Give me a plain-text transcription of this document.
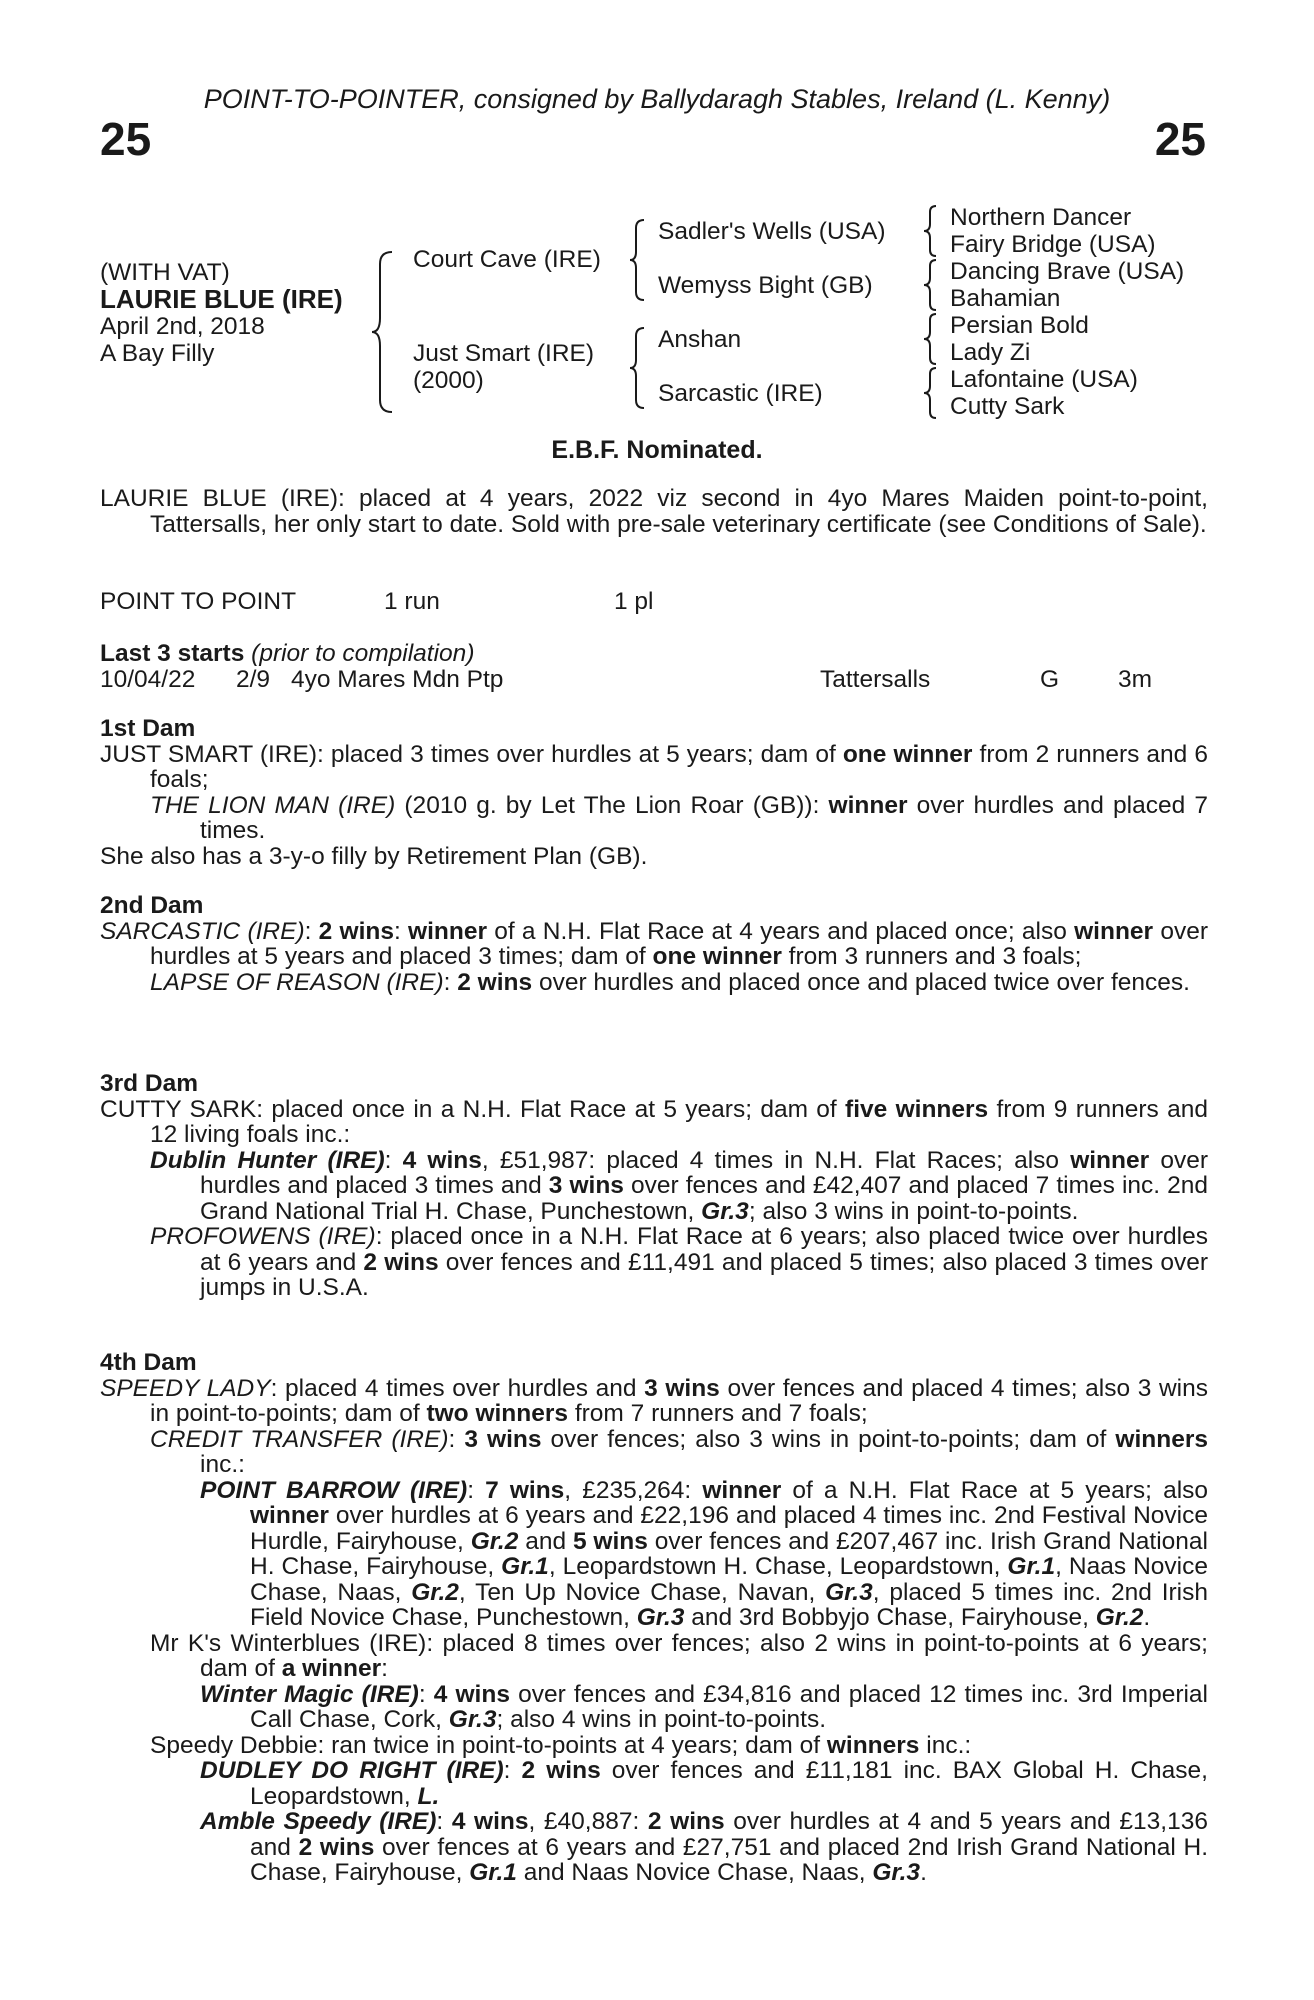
POINT-TO-POINTER, consigned by Ballydaragh Stables, Ireland (L. Kenny)
25	25
(WITH VAT)
LAURIE BLUE (IRE)
April 2nd, 2018
A Bay Filly
Court Cave (IRE)
Just Smart (IRE)
(2000)
Sadler's Wells (USA)
Wemyss Bight (GB)
Anshan
Sarcastic (IRE)
Northern Dancer
Fairy Bridge (USA)
Dancing Brave (USA)
Bahamian
Persian Bold
Lady Zi
Lafontaine (USA)
Cutty Sark
E.B.F. Nominated.

LAURIE BLUE (IRE): placed at 4 years, 2022 viz second in 4yo Mares Maiden point-to-point, Tattersalls, her only start to date. Sold with pre-sale veterinary certificate (see Conditions of Sale).

POINT TO POINT	1 run	1 pl
Last 3 starts (prior to compilation)
10/04/22 2/9 4yo Mares Mdn Ptp	Tattersalls	G 3m

1st Dam

JUST SMART (IRE): placed 3 times over hurdles at 5 years; dam of one winner from 2 runners and 6 foals;

THE LION MAN (IRE) (2010 g. by Let The Lion Roar (GB)): winner over hurdles and placed 7 times.

She also has a 3-y-o filly by Retirement Plan (GB).

2nd Dam

SARCASTIC (IRE): 2 wins: winner of a N.H. Flat Race at 4 years and placed once; also winner over hurdles at 5 years and placed 3 times; dam of one winner from 3 runners and 3 foals;

LAPSE OF REASON (IRE): 2 wins over hurdles and placed once and placed twice over fences.

3rd Dam

CUTTY SARK: placed once in a N.H. Flat Race at 5 years; dam of five winners from 9 runners and 12 living foals inc.:

Dublin Hunter (IRE): 4 wins, £51,987: placed 4 times in N.H. Flat Races; also winner over hurdles and placed 3 times and 3 wins over fences and £42,407 and placed 7 times inc. 2nd Grand National Trial H. Chase, Punchestown, Gr.3; also 3 wins in point-to-points.

PROFOWENS (IRE): placed once in a N.H. Flat Race at 6 years; also placed twice over hurdles at 6 years and 2 wins over fences and £11,491 and placed 5 times; also placed 3 times over jumps in U.S.A.

4th Dam

SPEEDY LADY: placed 4 times over hurdles and 3 wins over fences and placed 4 times; also 3 wins in point-to-points; dam of two winners from 7 runners and 7 foals;

CREDIT TRANSFER (IRE): 3 wins over fences; also 3 wins in point-to-points; dam of winners inc.:

POINT BARROW (IRE): 7 wins, £235,264: winner of a N.H. Flat Race at 5 years; also winner over hurdles at 6 years and £22,196 and placed 4 times inc. 2nd Festival Novice Hurdle, Fairyhouse, Gr.2 and 5 wins over fences and £207,467 inc. Irish Grand National H. Chase, Fairyhouse, Gr.1, Leopardstown H. Chase, Leopardstown, Gr.1, Naas Novice Chase, Naas, Gr.2, Ten Up Novice Chase, Navan, Gr.3, placed 5 times inc. 2nd Irish Field Novice Chase, Punchestown, Gr.3 and 3rd Bobbyjo Chase, Fairyhouse, Gr.2.

Mr K's Winterblues (IRE): placed 8 times over fences; also 2 wins in point-to-points at 6 years; dam of a winner:

Winter Magic (IRE): 4 wins over fences and £34,816 and placed 12 times inc. 3rd Imperial Call Chase, Cork, Gr.3; also 4 wins in point-to-points.

Speedy Debbie: ran twice in point-to-points at 4 years; dam of winners inc.:

DUDLEY DO RIGHT (IRE): 2 wins over fences and £11,181 inc. BAX Global H. Chase, Leopardstown, L.

Amble Speedy (IRE): 4 wins, £40,887: 2 wins over hurdles at 4 and 5 years and £13,136 and 2 wins over fences at 6 years and £27,751 and placed 2nd Irish Grand National H. Chase, Fairyhouse, Gr.1 and Naas Novice Chase, Naas, Gr.3.
